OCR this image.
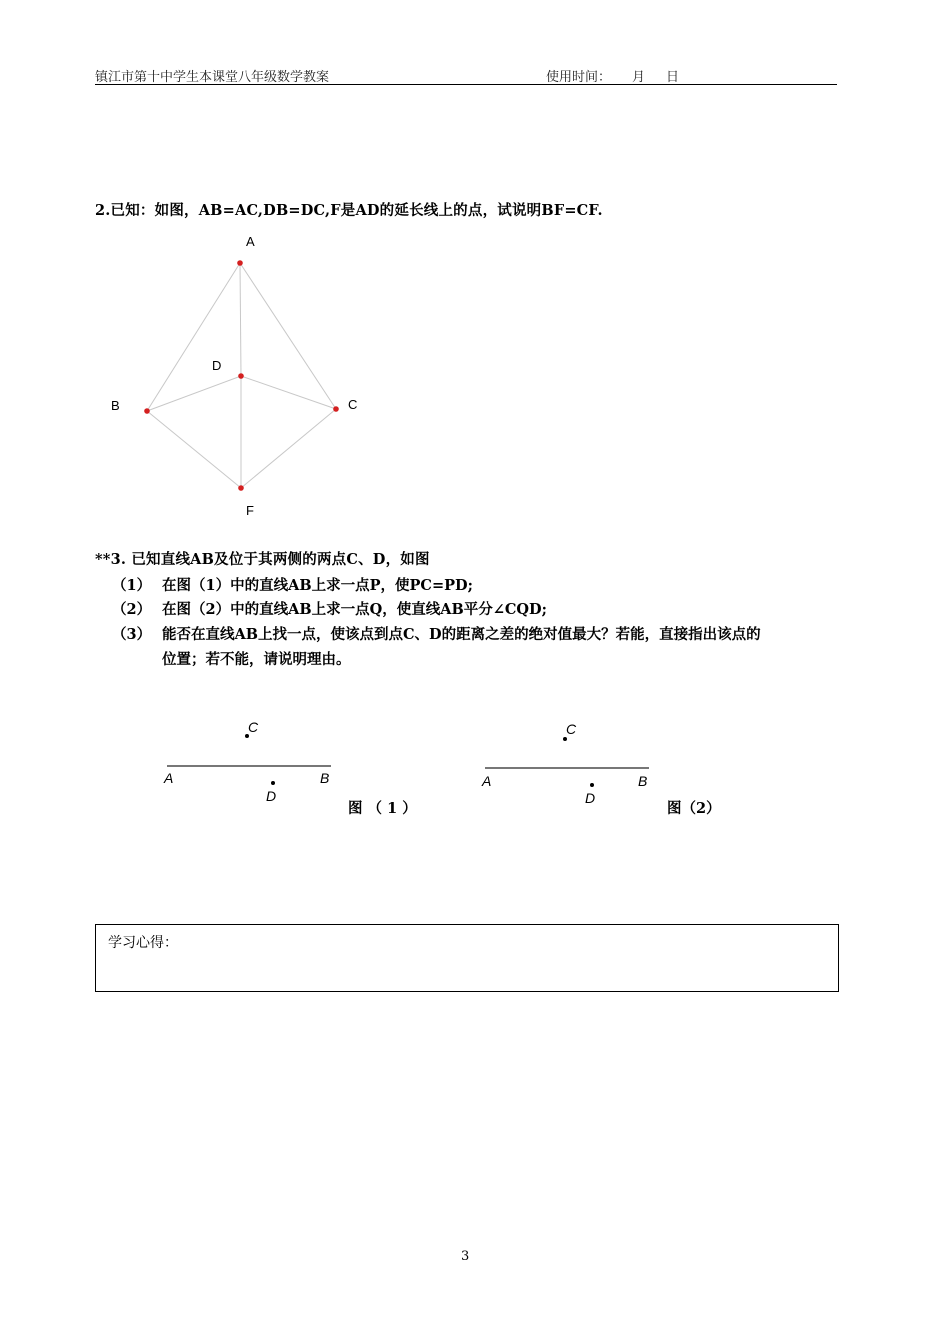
镇江市第十中学生本课堂八年级数学教案	使用时间： 月 日
2.已知：如图，AB=AC,DB=DC,F是AD的延长线上的点，试说明BF=CF.
A
D
B	C
F
**3. 已知直线AB及位于其两侧的两点C、D，如图
（1） 在图（1）中的直线AB上求一点P，使PC=PD;
（2） 在图（2）中的直线AB上求一点Q，使直线AB平分∠CQD;
（3） 能否在直线AB上找一点，使该点到点C、D的距离之差的绝对值最大？若能，直接指出该点的
位置；若不能，请说明理由。
C
A	B
D
图 （ 1 ）
C
A	B
D
图（2）
学习心得：
3
